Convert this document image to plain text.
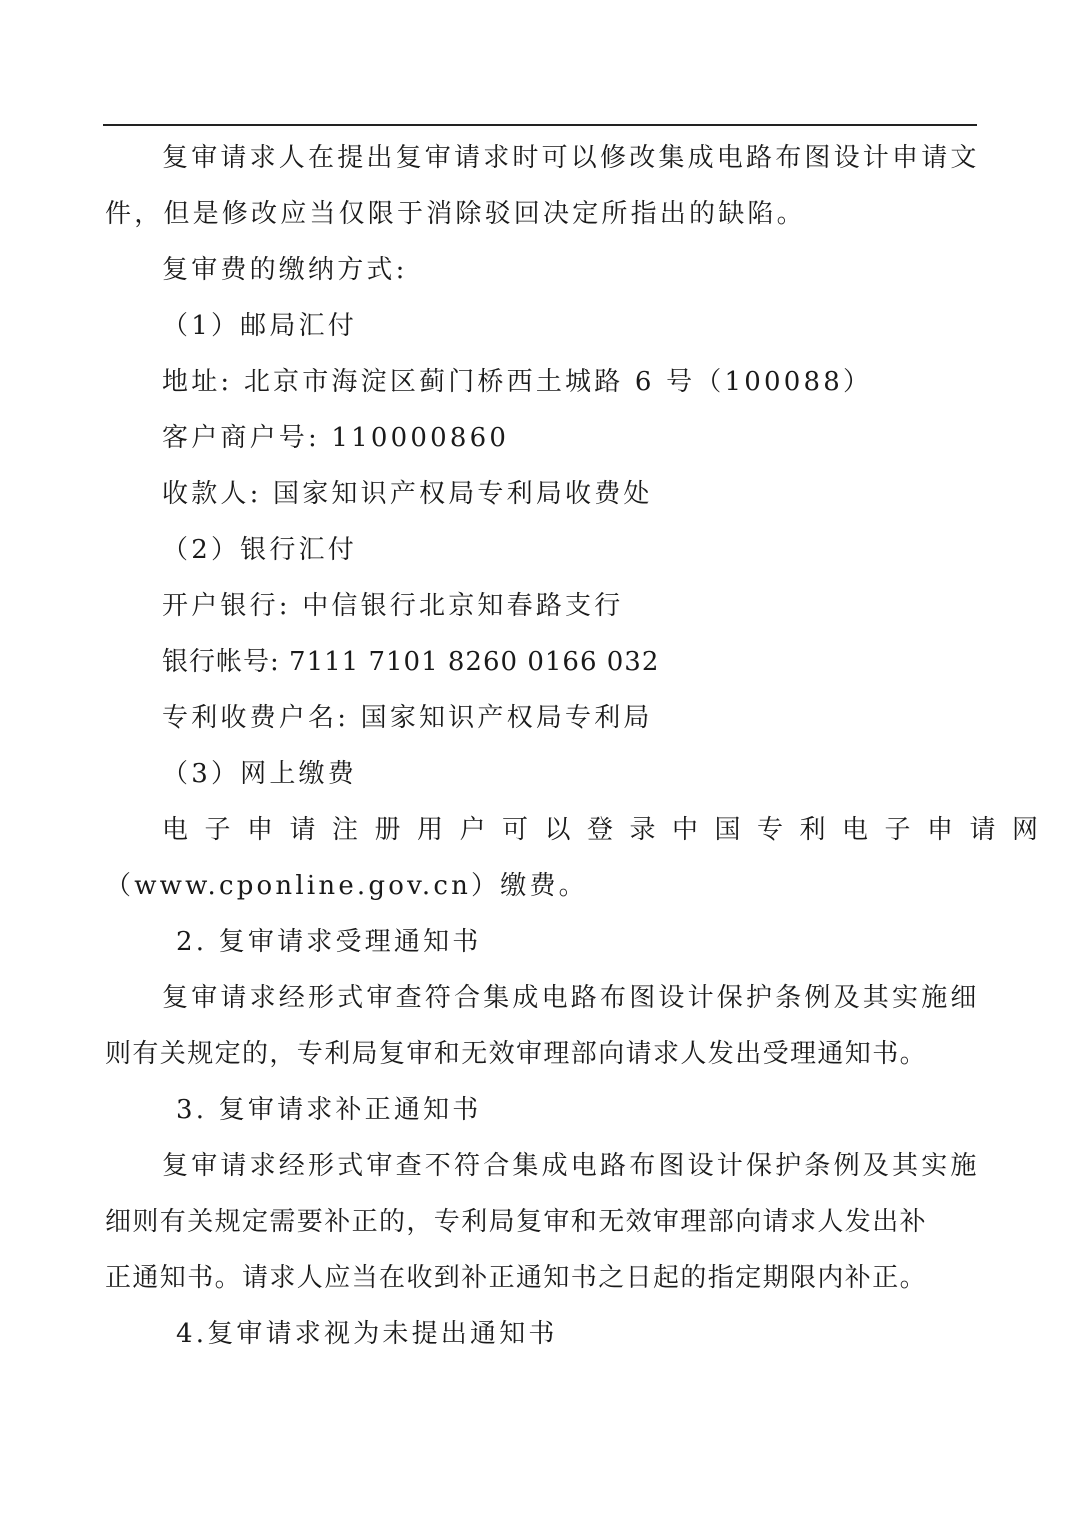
复审请求人在提出复审请求时可以修改集成电路布图设计申请文
件，但是修改应当仅限于消除驳回决定所指出的缺陷。
复审费的缴纳方式:
（1）邮局汇付
地址: 北京市海淀区蓟门桥西土城路 6 号（100088）
客户商户号: 110000860
收款人: 国家知识产权局专利局收费处
（2）银行汇付
开户银行: 中信银行北京知春路支行
银行帐号: 7111 7101 8260 0166 032
专利收费户名: 国家知识产权局专利局
（3）网上缴费
电子申请注册用户可以登录中国专利电子申请网
（www.cponline.gov.cn）缴费。
2. 复审请求受理通知书
复审请求经形式审查符合集成电路布图设计保护条例及其实施细
则有关规定的，专利局复审和无效审理部向请求人发出受理通知书。
3. 复审请求补正通知书
复审请求经形式审查不符合集成电路布图设计保护条例及其实施
细则有关规定需要补正的，专利局复审和无效审理部向请求人发出补
正通知书。请求人应当在收到补正通知书之日起的指定期限内补正。
4.复审请求视为未提出通知书
